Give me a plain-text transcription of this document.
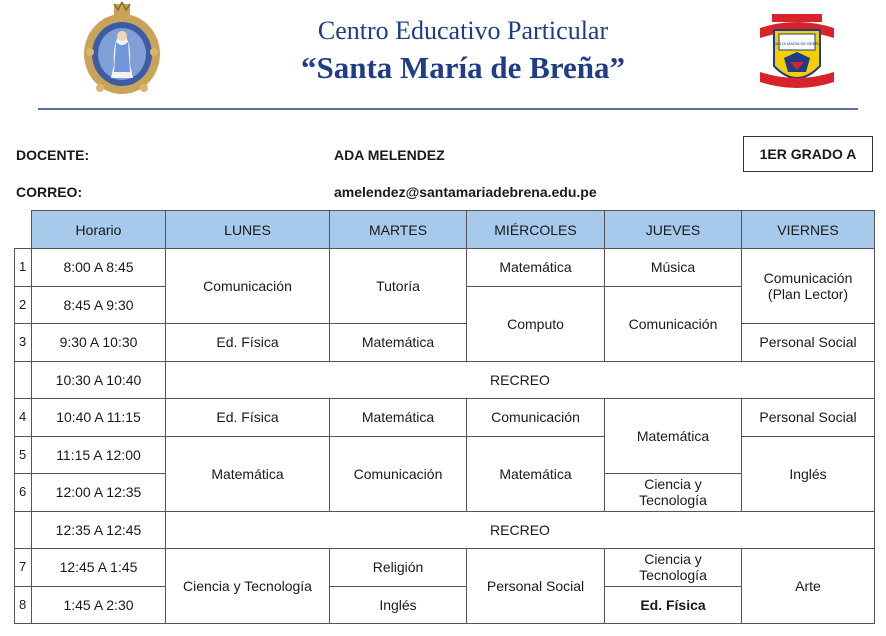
Centro Educativo Particular
“Santa María de Breña”
SANTA MARÍA DE BREÑA
DOCENTE:	ADA MELENDEZ	1ER GRADO A
CORREO:	amelendez@santamariadebrena.edu.pe
	Horario	LUNES	MARTES	MIÉRCOLES	JUEVES	VIERNES
1	8:00 A 8:45	Comunicación	Tutoría	Matemática	Música	Comunicación
(Plan Lector)

2	8:45 A 9:30			Computo	Comunicación	
3	9:30 A 10:30	Ed. Física	Matemática			Personal Social
	10:30 A 10:40	RECREO				
4	10:40 A 11:15	Ed. Física	Matemática	Comunicación	Matemática	Personal Social
5	11:15 A 12:00	Matemática	Comunicación	Matemática		Inglés
6	12:00 A 12:35				Ciencia y
Tecnología	

	12:35 A 12:45	RECREO				
7	12:45 A 1:45	Ciencia y Tecnología	Religión	Personal Social	Ciencia y
Tecnología	Arte
8	1:45 A 2:30		Inglés		Ed. Física	
